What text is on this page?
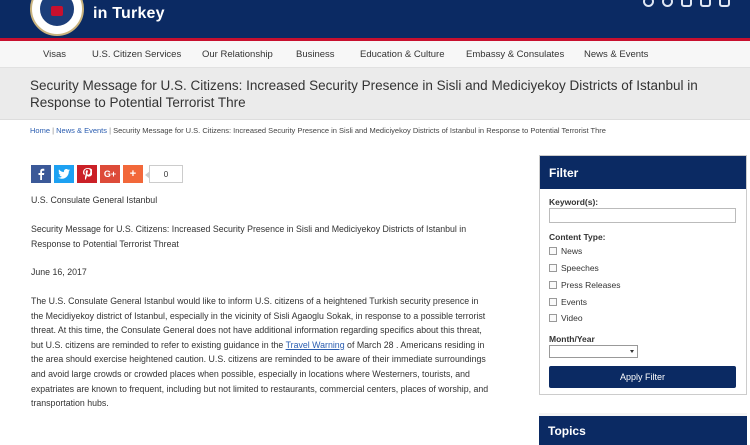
in Turkey
Visas	U.S. Citizen Services Our Relationship Business	Education & Culture Embassy & Consulates News & Events
Security Message for U.S. Citizens: Increased Security Presence in Sisli and Mediciyekoy Districts of Istanbul in Response to Potential Terrorist Thre
Home | News & Events | Security Message for U.S. Citizens: Increased Security Presence in Sisli and Mediciyekoy Districts of Istanbul in Response to Potential Terrorist Thre
G+ +	0
U.S. Consulate General Istanbul
Security Message for U.S. Citizens: Increased Security Presence in Sisli and Mediciyekoy Districts of Istanbul in Response to Potential Terrorist Threat
June 16, 2017
The U.S. Consulate General Istanbul would like to inform U.S. citizens of a heightened Turkish security presence in the Mecidiyekoy district of Istanbul, especially in the vicinity of Sisli Agaoglu Sokak, in response to a possible terrorist threat. At this time, the Consulate General does not have additional information regarding specifics about this threat, but U.S. citizens are reminded to refer to existing guidance in the Travel Warning of March 28 . Americans residing in the area should exercise heightened caution. U.S. citizens are reminded to be aware of their immediate surroundings and avoid large crowds or crowded places when possible, especially in locations where Westerners, tourists, and expatriates are known to frequent, including but not limited to restaurants, commercial centers, places of worship, and transportation hubs.
Filter
Keyword(s):
Content Type:
News
Speeches
Press Releases
Events
Video
Month/Year
Apply Filter
Topics
